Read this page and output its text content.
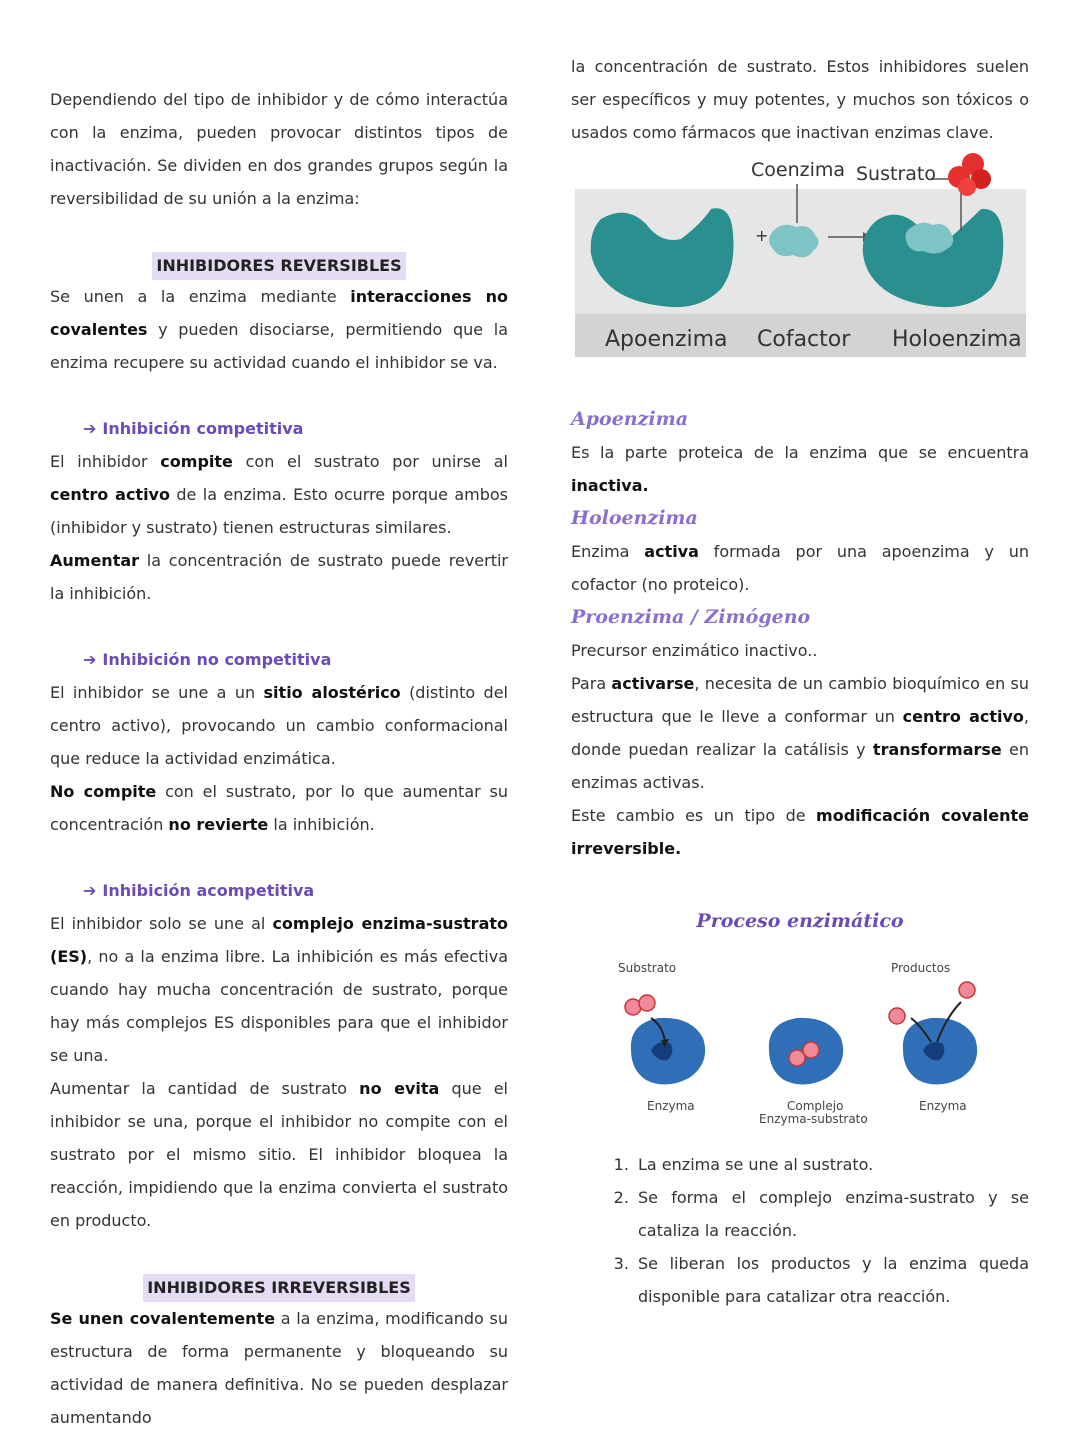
Dependiendo del tipo de inhibidor y de cómo interactúa con la enzima, pueden provocar distintos tipos de inactivación. Se dividen en dos grandes grupos según la reversibilidad de su unión a la enzima:

INHIBIDORES REVERSIBLES

Se unen a la enzima mediante interacciones no covalentes y pueden disociarse, permitiendo que la enzima recupere su actividad cuando el inhibidor se va.

➔ Inhibición competitiva

El inhibidor compite con el sustrato por unirse al centro activo de la enzima. Esto ocurre porque ambos (inhibidor y sustrato) tienen estructuras similares.

Aumentar la concentración de sustrato puede revertir la inhibición.

➔ Inhibición no competitiva

El inhibidor se une a un sitio alostérico (distinto del centro activo), provocando un cambio conformacional que reduce la actividad enzimática.

No compite con el sustrato, por lo que aumentar su concentración no revierte la inhibición.

➔ Inhibición acompetitiva

El inhibidor solo se une al complejo enzima-sustrato (ES), no a la enzima libre. La inhibición es más efectiva cuando hay mucha concentración de sustrato, porque hay más complejos ES disponibles para que el inhibidor se una.

Aumentar la cantidad de sustrato no evita que el inhibidor se una, porque el inhibidor no compite con el sustrato por el mismo sitio. El inhibidor bloquea la reacción, impidiendo que la enzima convierta el sustrato en producto.

INHIBIDORES IRREVERSIBLES

Se unen covalentemente a la enzima, modificando su estructura de forma permanente y bloqueando su actividad de manera definitiva. No se pueden desplazar aumentando

la concentración de sustrato. Estos inhibidores suelen ser específicos y muy potentes, y muchos son tóxicos o usados como fármacos que inactivan enzimas clave.

+
Coenzima Sustrato
Apoenzima Cofactor Holoenzima
Apoenzima

Es la parte proteica de la enzima que se encuentra inactiva.

Holoenzima

Enzima activa formada por una apoenzima y un cofactor (no proteico).

Proenzima / Zimógeno

Precursor enzimático inactivo..

Para activarse, necesita de un cambio bioquímico en su estructura que le lleve a conformar un centro activo, donde puedan realizar la catálisis y transformarse en enzimas activas.

Este cambio es un tipo de modificación covalente irreversible.

Proceso enzimático
Substrato	Productos
Enzyma	Complejo
Enzyma-substrato
Enzyma
1. La enzima se une al sustrato.
2. Se forma el complejo enzima-sustrato y se cataliza la reacción.
3. Se liberan los productos y la enzima queda disponible para catalizar otra reacción.
